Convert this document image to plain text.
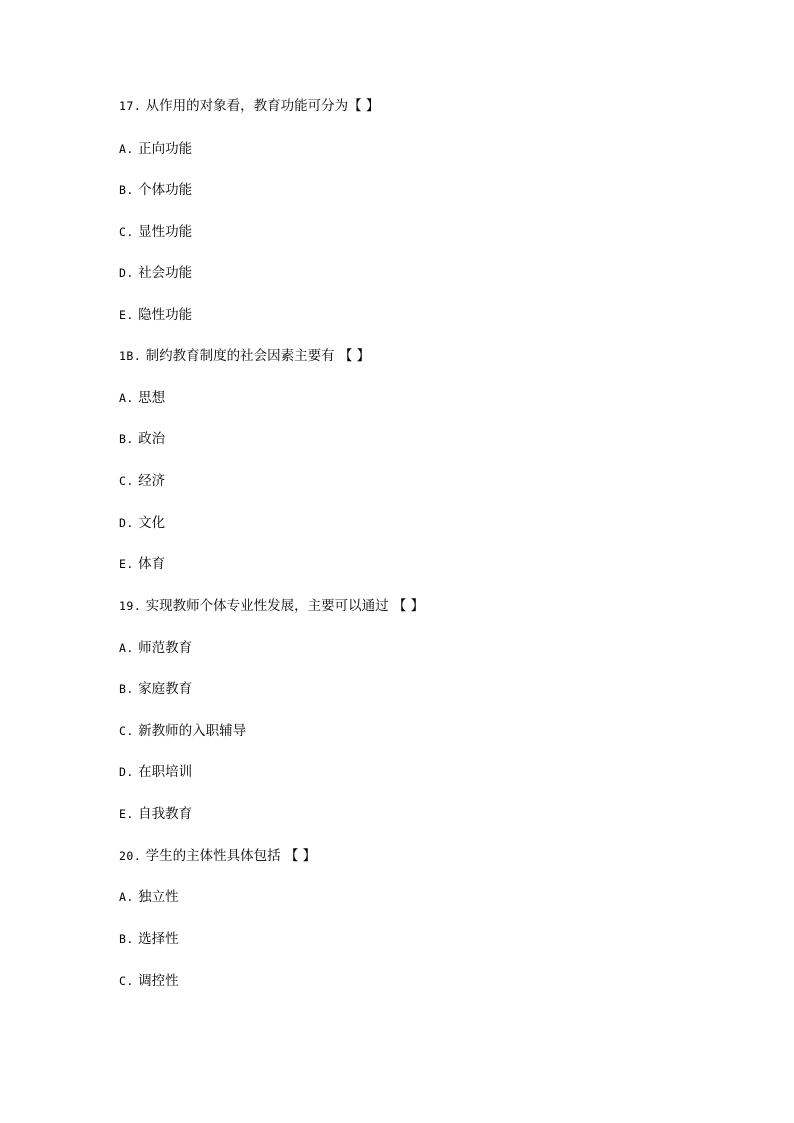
17. 从作用的对象看，教育功能可分为【 】
A. 正向功能
B. 个体功能
C. 显性功能
D. 社会功能
E. 隐性功能
1B. 制约教育制度的社会因素主要有 【 】
A. 思想
B. 政治
C. 经济
D. 文化
E. 体育
19. 实现教师个体专业性发展，主要可以通过 【 】
A. 师范教育
B. 家庭教育
C. 新教师的入职辅导
D. 在职培训
E. 自我教育
20. 学生的主体性具体包括 【 】
A. 独立性
B. 选择性
C. 调控性
